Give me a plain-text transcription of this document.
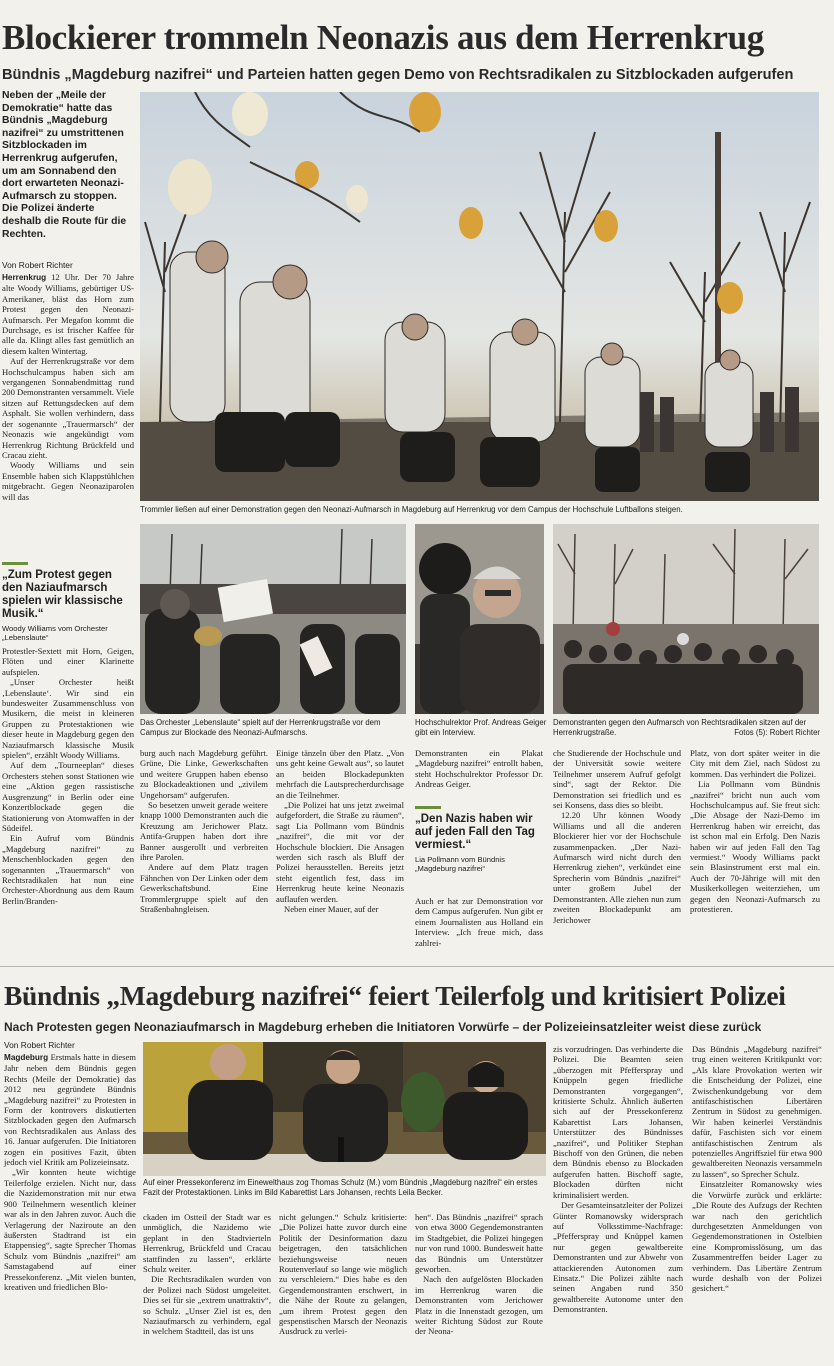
Blockierer trommeln Neonazis aus dem Herrenkrug
Bündnis „Magdeburg nazifrei“ und Parteien hatten gegen Demo von Rechtsradikalen zu Sitzblockaden aufgerufen
Neben der „Meile der Demokratie“ hatte das Bündnis „Magdeburg nazifrei“ zu umstrittenen Sitzblockaden im Herrenkrug aufgerufen, um am Sonnabend den dort erwarteten Neonazi-Aufmarsch zu stoppen. Die Polizei änderte deshalb die Route für die Rechten.
Von Robert Richter

Herrenkrug 12 Uhr. Der 70 Jahre alte Woody Williams, gebürtiger US-Amerikaner, bläst das Horn zum Protest gegen den Neonazi-Aufmarsch. Per Megafon kommt die Durchsage, es ist frischer Kaffee für alle da. Klingt alles fast gemütlich an diesem kalten Wintertag.

Auf der Herrenkrugstraße vor dem Hochschulcampus haben sich am vergangenen Sonnabendmittag rund 200 Demonstranten versammelt. Viele sitzen auf Rettungsdecken auf dem Asphalt. Sie wollen verhindern, dass der sogenannte „Trauermarsch“ der Neonazis wie angekündigt vom Herrenkrug Richtung Brückfeld und Cracau zieht.

Woody Williams und sein Ensemble haben sich Klappstühlchen mitgebracht. Gegen Neonaziparolen will das

„Zum Protest gegen den Naziaufmarsch spielen wir klassische Musik.“
Woody Williams vom Orchester „Lebenslaute“

Protestler-Sextett mit Horn, Geigen, Flöten und einer Klarinette aufspielen.

„Unser Orchester heißt ‚Lebenslaute‘. Wir sind ein bundesweiter Zusammenschluss von Musikern, die meist in kleineren Gruppen zu Protestaktionen wie dieser heute in Magdeburg gegen den Naziaufmarsch klassische Musik spielen“, erzählt Woody Williams.

Auf dem „Tourneeplan“ dieses Orchesters stehen sonst Stationen wie eine „Aktion gegen rassistische Ausgrenzung“ in Berlin oder eine Konzertblockade gegen die Stationierung von Atomwaffen in der Südeifel.

Ein Aufruf vom Bündnis „Magdeburg nazifrei“ zu Menschenblockaden gegen den sogenannten „Trauermarsch“ von Rechtsradikalen hat nun eine Orchester-Abordnung aus dem Raum Berlin/Branden-

Trommler ließen auf einer Demonstration gegen den Neonazi-Aufmarsch in Magdeburg auf Herrenkrug vor dem Campus der Hochschule Luftballons steigen.
Das Orchester „Lebenslaute“ spielt auf der Herrenkrugstraße vor dem Campus zur Blockade des Neonazi-Aufmarschs.
Hochschulrektor Prof. Andreas Geiger gibt ein Interview.
Demonstranten gegen den Aufmarsch von Rechtsradikalen sitzen auf der Herrenkrugstraße.	Fotos (5): Robert Richter

burg auch nach Magdeburg geführt. Grüne, Die Linke, Gewerkschaften und weitere Gruppen haben ebenso zu Blockadeaktionen und „zivilem Ungehorsam“ aufgerufen.

So besetzen unweit gerade weitere knapp 1000 Demonstranten auch die Kreuzung am Jerichower Platz. Antifa-Gruppen haben dort ihre Banner ausgerollt und verbreiten ihre Parolen.

Andere auf dem Platz tragen Fähnchen von Der Linken oder dem Gewerkschaftsbund. Eine Trommlergruppe spielt auf den Straßenbahngleisen.

Einige tänzeln über den Platz. „Von uns geht keine Gewalt aus“, so lautet an beiden Blockadepunkten mehrfach die Lautsprecherdurchsage an die Teilnehmer.

„Die Polizei hat uns jetzt zweimal aufgefordert, die Straße zu räumen“, sagt Lia Pollmann vom Bündnis „nazifrei“, die mit vor der Hochschule blockiert. Die Ansagen werden sich rasch als Bluff der Polizei herausstellen. Bereits jetzt steht eigentlich fest, dass im Herrenkrug heute keine Neonazis auflaufen werden.

Neben einer Mauer, auf der

Demonstranten ein Plakat „Magdeburg nazifrei“ entrollt haben, steht Hochschulrektor Professor Dr. Andreas Geiger.

„Den Nazis haben wir auf jeden Fall den Tag vermiest.“
Lia Pollmann vom Bündnis „Magdeburg nazifrei“

Auch er hat zur Demonstration vor dem Campus aufgerufen. Nun gibt er einem Journalisten aus Holland ein Interview. „Ich freue mich, dass zahlrei-

che Studierende der Hochschule und der Universität sowie weitere Teilnehmer unserem Aufruf gefolgt sind“, sagt der Rektor. Die Demonstration sei friedlich und es sei Konsens, dass dies so bleibt.

12.20 Uhr können Woody Williams und all die anderen Blockierer hier vor der Hochschule zusammenpacken. „Der Nazi-Aufmarsch wird nicht durch den Herrenkrug ziehen“, verkündet eine Sprecherin vom Bündnis „nazifrei“ unter großem Jubel der Demonstranten. Alle ziehen nun zum zweiten Blockadepunkt am Jerichower

Platz, von dort später weiter in die City mit dem Ziel, nach Südost zu kommen. Das verhindert die Polizei.

Lia Pollmann vom Bündnis „nazifrei“ bricht nun auch vom Hochschulcampus auf. Sie freut sich: „Die Absage der Nazi-Demo im Herrenkrug haben wir erreicht, das ist schon mal ein Erfolg. Den Nazis haben wir auf jeden Fall den Tag vermiest.“ Woody Williams packt sein Blasinstrument erst mal ein. Auch der 70-Jährige will mit den Musikerkollegen weiterziehen, um gegen den Neonazi-Aufmarsch zu protestieren.

Bündnis „Magdeburg nazifrei“ feiert Teilerfolg und kritisiert Polizei
Nach Protesten gegen Neonaziaufmarsch in Magdeburg erheben die Initiatoren Vorwürfe – der Polizeieinsatzleiter weist diese zurück
Von Robert Richter

Magdeburg Erstmals hatte in diesem Jahr neben dem Bündnis gegen Rechts (Meile der Demokratie) das 2012 neu gegründete Bündnis „Magdeburg nazifrei“ zu Protesten in Form der kontrovers diskutierten Sitzblockaden gegen den Aufmarsch von Rechtsradikalen aus Anlass des 16. Januar aufgerufen. Die Initiatoren zogen ein positives Fazit, übten jedoch viel Kritik am Polizeieinsatz.

„Wir konnten heute wichtige Teilerfolge erzielen. Nicht nur, dass die Nazidemonstration mit nur etwa 900 Teilnehmern wesentlich kleiner war als in den Jahren zuvor. Auch die Verlagerung der Naziroute an den äußersten Stadtrand ist ein Etappensieg“, sagte Sprecher Thomas Schulz vom Bündnis „nazifrei“ am Samstagabend auf einer Pressekonferenz. „Mit vielen bunten, kreativen und friedlichen Blo-

Auf einer Pressekonferenz im Einewelthaus zog Thomas Schulz (M.) vom Bündnis „Magdeburg nazifrei“ ein erstes Fazit der Protestaktionen. Links im Bild Kabarettist Lars Johansen, rechts Leila Becker.

ckaden im Ostteil der Stadt war es unmöglich, die Nazidemo wie geplant in den Stadtvierteln Herrenkrug, Brückfeld und Cracau stattfinden zu lassen“, erklärte Schulz weiter.

Die Rechtsradikalen wurden von der Polizei nach Südost umgeleitet. Dies sei für sie „extrem unattraktiv“, so Schulz. „Unser Ziel ist es, den Naziaufmarsch zu verhindern, egal in welchem Stadtteil, das ist uns

nicht gelungen.“ Schulz kritisierte: „Die Polizei hatte zuvor durch eine Politik der Desinformation dazu beigetragen, den tatsächlichen beziehungsweise neuen Routenverlauf so lange wie möglich zu verschleiern.“ Dies habe es den Gegendemonstranten erschwert, in die Nähe der Route zu gelangen, „um ihrem Protest gegen den gespenstischen Marsch der Neonazis Ausdruck zu verlei-

hen“. Das Bündnis „nazifrei“ sprach von etwa 3000 Gegendemonstranten im Stadtgebiet, die Polizei hingegen nur von rund 1000. Bundesweit hatte das Bündnis um Unterstützer geworben.

Nach den aufgelösten Blockaden im Herrenkrug waren die Demonstranten vom Jerichower Platz in die Innenstadt gezogen, um weiter Richtung Südost zur Route der Neona-

zis vorzudringen. Das verhinderte die Polizei. Die Beamten seien „überzogen mit Pfefferspray und Knüppeln gegen friedliche Demonstranten vorgegangen“, kritisierte Schulz. Ähnlich äußerten sich auf der Pressekonferenz Kabarettist Lars Johansen, Unterstützer des Bündnisses „nazifrei“, und Politiker Stephan Bischoff von den Grünen, die neben dem Bündnis ebenso zu Blockaden aufgerufen hatten. Bischoff sagte, Blockaden dürften nicht kriminalisiert werden.

Der Gesamteinsatzleiter der Polizei Günter Romanowsky widersprach auf Volksstimme-Nachfrage: „Pfefferspray und Knüppel kamen nur gegen gewaltbereite Demonstranten und zur Abwehr von attackierenden Autonomen zum Einsatz.“ Die Polizei zählte nach seinen Angaben rund 350 gewaltbereite Autonome unter den Demonstranten.

Das Bündnis „Magdeburg nazifrei“ trug einen weiteren Kritikpunkt vor: „Als klare Provokation werten wir die Entscheidung der Polizei, eine Zwischenkundgebung vor dem antifaschistischen Libertären Zentrum in Südost zu genehmigen. Wir haben keinerlei Verständnis dafür, Faschisten sich vor einem antifaschistischen Zentrum als potenzielles Angriffsziel für etwa 900 gewaltbereiten Neonazis versammeln zu lassen“, so Sprecher Schulz.

Einsatzleiter Romanowsky wies die Vorwürfe zurück und erklärte: „Die Route des Aufzugs der Rechten war nach den gerichtlich durchgesetzten Anmeldungen von Gegendemonstrationen in Ostelbien eine Kompromisslösung, um das Zusammentreffen beider Lager zu verhindern. Das Libertäre Zentrum wurde deshalb von der Polizei gesichert.“
